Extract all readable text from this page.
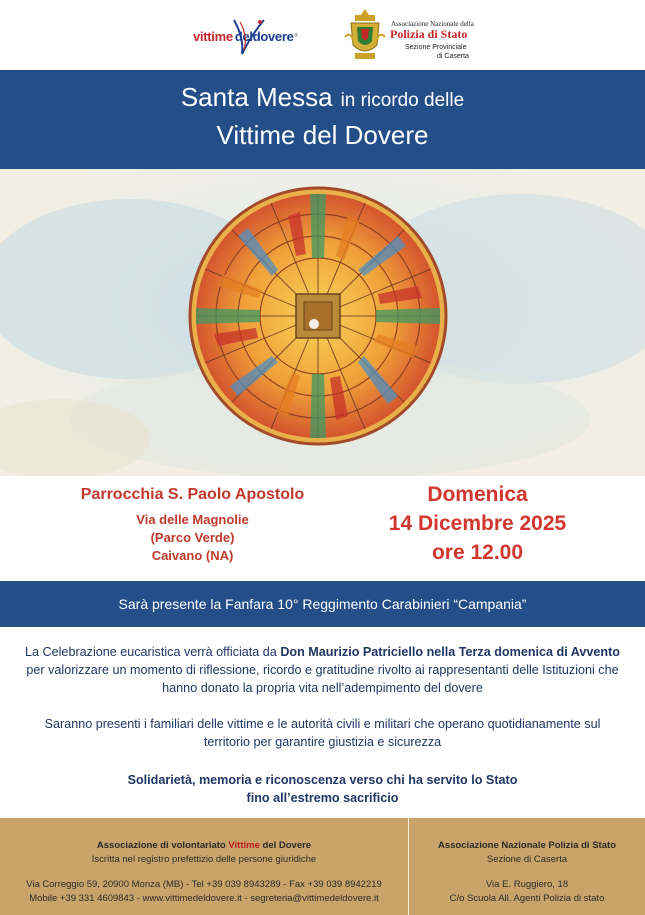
vittime deldovere ®
Associazione Nazionale della
Polizia di Stato
Sezione Provinciale
di Caserta
Santa Messa in ricordo delle
Vittime del Dovere
Parrocchia S. Paolo Apostolo
Via delle Magnolie
(Parco Verde)
Caivano (NA)
Domenica
14 Dicembre 2025
ore 12.00
Sarà presente la Fanfara 10° Reggimento Carabinieri “Campania”

La Celebrazione eucaristica verrà officiata da Don Maurizio Patriciello nella Terza domenica di Avvento per valorizzare un momento di riflessione, ricordo e gratitudine rivolto ai rappresentanti delle Istituzioni che hanno donato la propria vita nell’adempimento del dovere

Saranno presenti i familiari delle vittime e le autorità civili e militari che operano quotidianamente sul territorio per garantire giustizia e sicurezza

Solidarietà, memoria e riconoscenza verso chi ha servito lo Stato
fino all’estremo sacrificio

Associazione di volontariato Vittime del Dovere
Iscritta nel registro prefettizio delle persone giuridiche
Via Correggio 59, 20900 Monza (MB) - Tel +39 039 8943289 - Fax +39 039 8942219
Mobile +39 331 4609843 - www.vittimedeldovere.it - segreteria@vittimedeldovere.it
Associazione Nazionale Polizia di Stato
Sezione di Caserta
Via E. Ruggiero, 18
C/o Scuola All. Agenti Polizia di stato
